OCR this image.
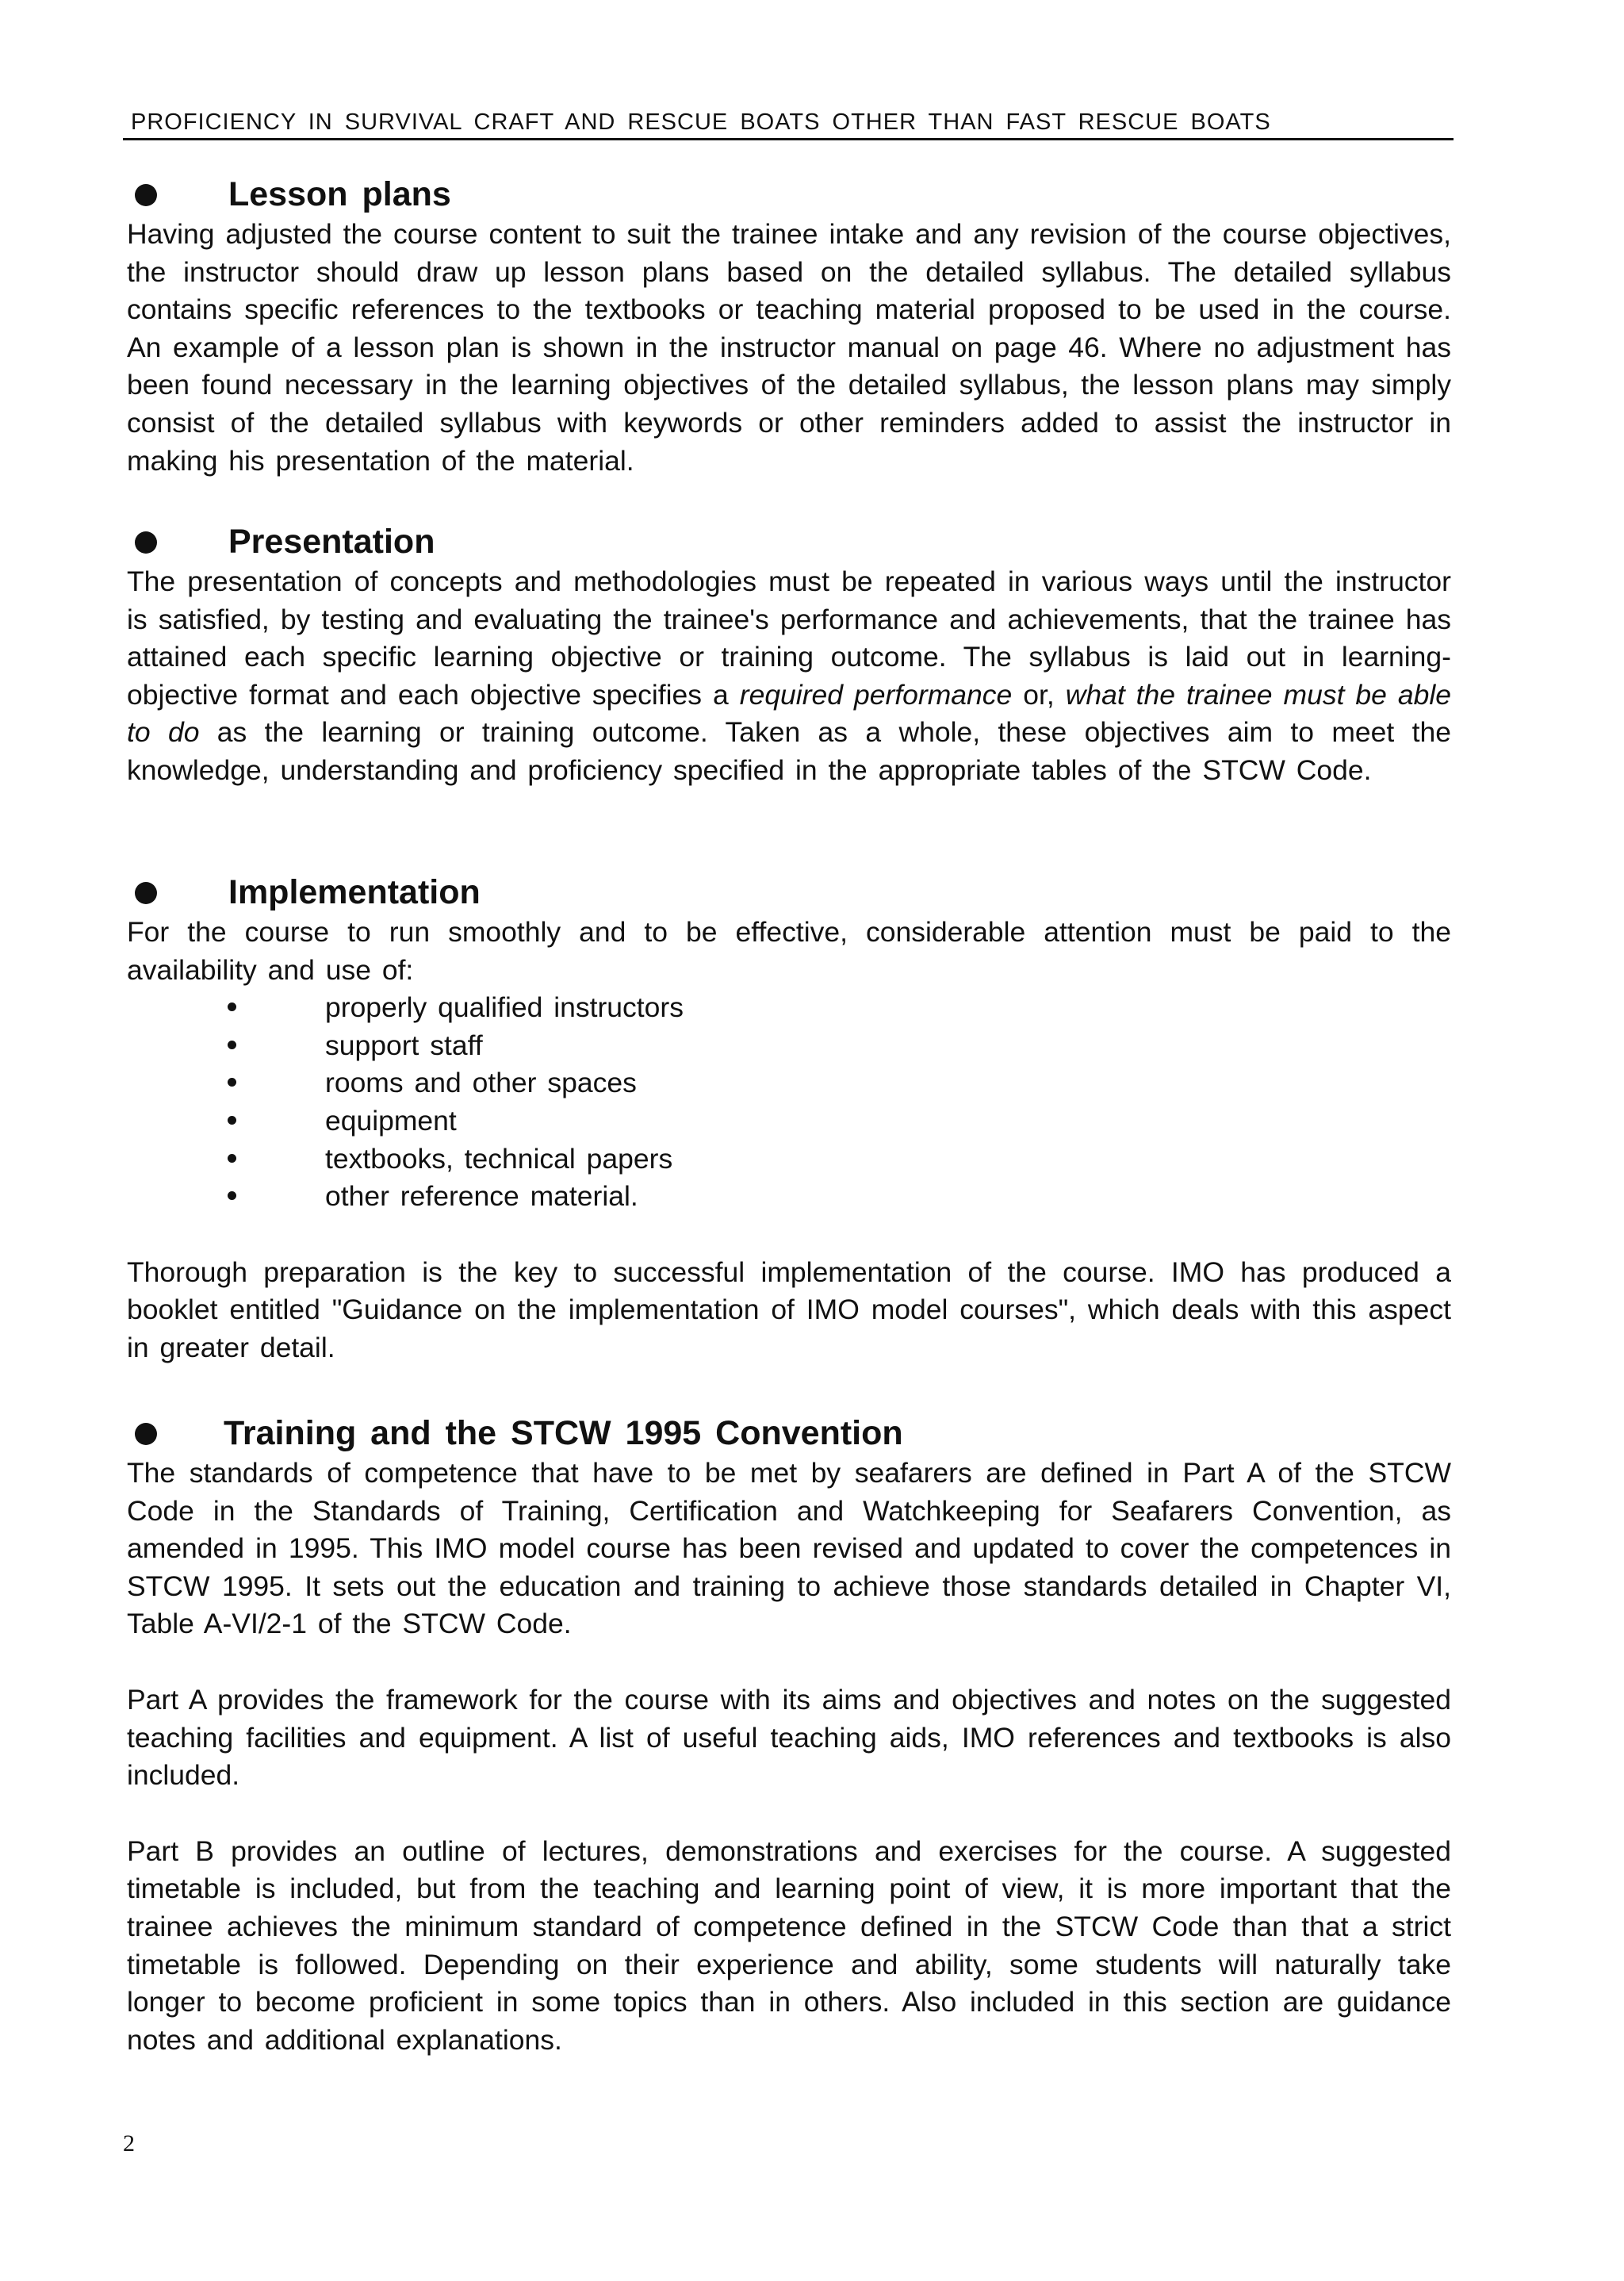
PROFICIENCY IN SURVIVAL CRAFT AND RESCUE BOATS OTHER THAN FAST RESCUE BOATS
Lesson plans

Having adjusted the course content to suit the trainee intake and any revision of the course objectives, the instructor should draw up lesson plans based on the detailed syllabus. The detailed syllabus contains specific references to the textbooks or teaching material proposed to be used in the course. An example of a lesson plan is shown in the instructor manual on page 46. Where no adjustment has been found necessary in the learning objectives of the detailed syllabus, the lesson plans may simply consist of the detailed syllabus with keywords or other reminders added to assist the instructor in making his presentation of the material.

Presentation

The presentation of concepts and methodologies must be repeated in various ways until the instructor is satisfied, by testing and evaluating the trainee's performance and achievements, that the trainee has attained each specific learning objective or training outcome. The syllabus is laid out in learning-objective format and each objective specifies a required performance or, what the trainee must be able to do as the learning or training outcome. Taken as a whole, these objectives aim to meet the knowledge, understanding and proficiency specified in the appropriate tables of the STCW Code.

Implementation

For the course to run smoothly and to be effective, considerable attention must be paid to the availability and use of:

properly qualified instructors
support staff
rooms and other spaces
equipment
textbooks, technical papers
other reference material.

Thorough preparation is the key to successful implementation of the course. IMO has produced a booklet entitled "Guidance on the implementation of IMO model courses", which deals with this aspect in greater detail.

Training and the STCW 1995 Convention

The standards of competence that have to be met by seafarers are defined in Part A of the STCW Code in the Standards of Training, Certification and Watchkeeping for Seafarers Convention, as amended in 1995. This IMO model course has been revised and updated to cover the competences in STCW 1995. It sets out the education and training to achieve those standards detailed in Chapter VI, Table A-VI/2-1 of the STCW Code.

Part A provides the framework for the course with its aims and objectives and notes on the suggested teaching facilities and equipment. A list of useful teaching aids, IMO references and textbooks is also included.

Part B provides an outline of lectures, demonstrations and exercises for the course. A suggested timetable is included, but from the teaching and learning point of view, it is more important that the trainee achieves the minimum standard of competence defined in the STCW Code than that a strict timetable is followed. Depending on their experience and ability, some students will naturally take longer to become proficient in some topics than in others. Also included in this section are guidance notes and additional explanations.

2
